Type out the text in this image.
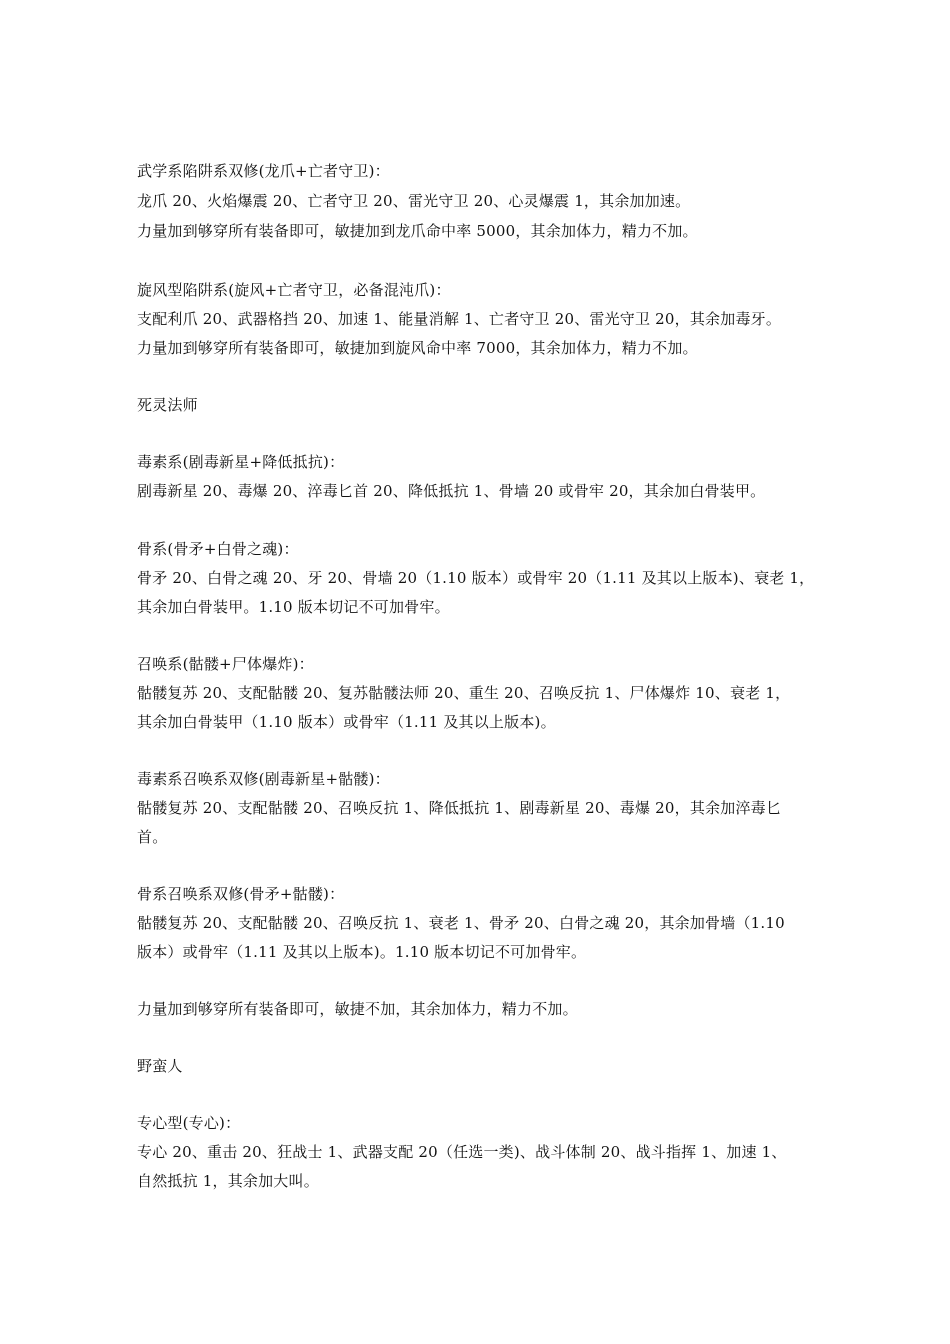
武学系陷阱系双修(龙爪+亡者守卫)：
龙爪 20、火焰爆震 20、亡者守卫 20、雷光守卫 20、心灵爆震 1，其余加加速。
力量加到够穿所有装备即可，敏捷加到龙爪命中率 5000，其余加体力，精力不加。
旋风型陷阱系(旋风+亡者守卫，必备混沌爪)：
支配利爪 20、武器格挡 20、加速 1、能量消解 1、亡者守卫 20、雷光守卫 20，其余加毒牙。
力量加到够穿所有装备即可，敏捷加到旋风命中率 7000，其余加体力，精力不加。
死灵法师
毒素系(剧毒新星+降低抵抗)：
剧毒新星 20、毒爆 20、淬毒匕首 20、降低抵抗 1、骨墙 20 或骨牢 20，其余加白骨装甲。
骨系(骨矛+白骨之魂)：
骨矛 20、白骨之魂 20、牙 20、骨墙 20（1.10 版本）或骨牢 20（1.11 及其以上版本)、衰老 1，
其余加白骨装甲。1.10 版本切记不可加骨牢。
召唤系(骷髅+尸体爆炸)：
骷髅复苏 20、支配骷髅 20、复苏骷髅法师 20、重生 20、召唤反抗 1、尸体爆炸 10、衰老 1，
其余加白骨装甲（1.10 版本）或骨牢（1.11 及其以上版本)。
毒素系召唤系双修(剧毒新星+骷髅)：
骷髅复苏 20、支配骷髅 20、召唤反抗 1、降低抵抗 1、剧毒新星 20、毒爆 20，其余加淬毒匕
首。
骨系召唤系双修(骨矛+骷髅)：
骷髅复苏 20、支配骷髅 20、召唤反抗 1、衰老 1、骨矛 20、白骨之魂 20，其余加骨墙（1.10
版本）或骨牢（1.11 及其以上版本)。1.10 版本切记不可加骨牢。
力量加到够穿所有装备即可，敏捷不加，其余加体力，精力不加。
野蛮人
专心型(专心)：
专心 20、重击 20、狂战士 1、武器支配 20（任选一类)、战斗体制 20、战斗指挥 1、加速 1、
自然抵抗 1，其余加大叫。
